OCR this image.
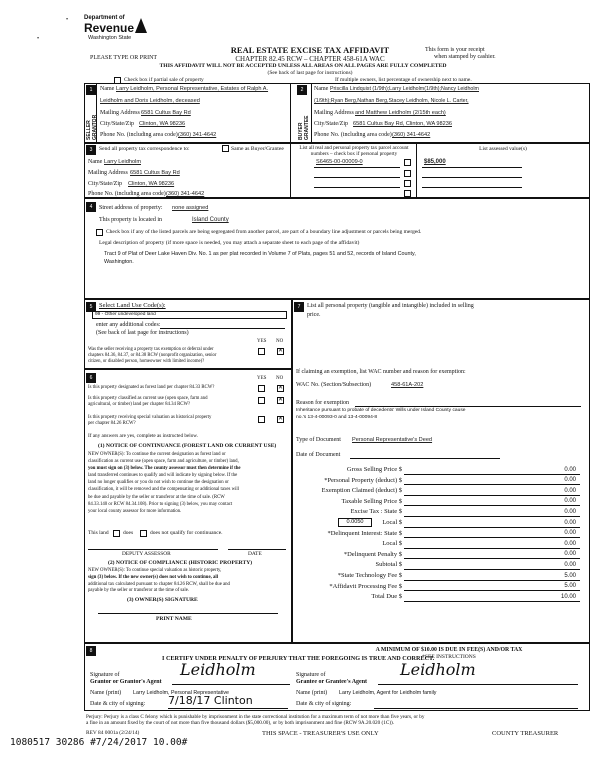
Department of
Revenue
Washington State
REAL ESTATE EXCISE TAX AFFIDAVIT
CHAPTER 82.45 RCW – CHAPTER 458-61A WAC
THIS AFFIDAVIT WILL NOT BE ACCEPTED UNLESS ALL AREAS ON ALL PAGES ARE FULLY COMPLETED
(See back of last page for instructions)
PLEASE TYPE OR PRINT
This form is your receipt
when stamped by cashier.
Check box if partial sale of property	If multiple owners, list percentage of ownership next to name.
1
SELLER GRANTOR
2
BUYER GRANTEE
Name Larry Leidholm, Personal Representative, Estates of Ralph A.
Leidholm and Doris Leidholm, deceased
Mailing Address 6581 Cultus Bay Rd
City/State/Zip Clinton, WA 98236
Phone No. (including area code) (360) 341-4642
Name Priscilla Lindquist (1/9th);Larry Leidholm(1/9th);Nancy Leidholm
(1/9th);Ryan Berg,Nathan Berg,Stacey Leidholm, Nicole L. Carter,
Mailing Address and Matthew Leidholm (2/15th each)
City/State/Zip 6581 Cultus Bay Rd, Clinton, WA 98236
Phone No. (including area code) (360) 341-4642
3	Send all property tax correspondence to:	Same as Buyer/Grantee
Name Larry Leidholm
Mailing Address 6581 Cultus Bay Rd
City/State/Zip Clinton, WA 98236
Phone No. (including area code) (360) 341-4642
List all real and personal property tax parcel account
numbers – check box if personal property
List assessed value(s)
S6465-00-00009-0	$85,000
4	Street address of property: none assigned
This property is located in	Island County
Check box if any of the listed parcels are being segregated from another parcel, are part of a boundary line adjustment or parcels being merged.
Legal description of property (if more space is needed, you may attach a separate sheet to each page of the affidavit)
Tract 9 of Plat of Deer Lake Haven Div. No. 1 as per plat recorded in Volume 7 of Plats, pages 51 and 52, records of Island County,
Washington.
5	Select Land Use Code(s):
99 - Other undeveloped land
enter any additional codes:
(See back of last page for instructions)
YES NO
Was the seller receiving a property tax exemption or deferral under
chapters 84.36, 84.37, or 84.38 RCW (nonprofit organization, senior
citizen, or disabled person, homeowner with limited income)?
✕
6	YES NO
Is this property designated as forest land per chapter 84.33 RCW?
✕
Is this property classified as current use (open space, farm and
agricultural, or timber) land per chapter 84.34 RCW?
✕
Is this property receiving special valuation as historical property
per chapter 84.26 RCW?
✕
If any answers are yes, complete as instructed below.
(1) NOTICE OF CONTINUANCE (FOREST LAND OR CURRENT USE)
NEW OWNER(S): To continue the current designation as forest land or
classification as current use (open space, farm and agriculture, or timber) land,
you must sign on (3) below. The county assessor must then determine if the
land transferred continues to qualify and will indicate by signing below. If the
land no longer qualifies or you do not wish to continue the designation or
classification, it will be removed and the compensating or additional taxes will
be due and payable by the seller or transferor at the time of sale. (RCW
84.33.140 or RCW 84.34.108). Prior to signing (3) below, you may contact
your local county assessor for more information.
This land	does	does not qualify for continuance.
DEPUTY ASSESSOR	DATE
(2) NOTICE OF COMPLIANCE (HISTORIC PROPERTY)
NEW OWNER(S): To continue special valuation as historic property,
sign (3) below. If the new owner(s) does not wish to continue, all
additional tax calculated pursuant to chapter 84.26 RCW, shall be due and
payable by the seller or transferor at the time of sale.
(3) OWNER(S) SIGNATURE
PRINT NAME
7	List all personal property (tangible and intangible) included in selling
price.
If claiming an exemption, list WAC number and reason for exemption:
WAC No. (Section/Subsection)	458-61A-202
Reason for exemption
Inheritance pursuant to probate of decedents' Wills under Island County cause
no.'s 13-4-00093-0 and 13-4-00094-8
Type of Document Personal Representative's Deed
Date of Document
Gross Selling Price $	0.00
*Personal Property (deduct) $	0.00
Exemption Claimed (deduct) $	0.00
Taxable Selling Price $	0.00
Excise Tax : State $	0.00
Local $	0.00
*Delinquent Interest: State $	0.00
Local $	0.00
*Delinquent Penalty $	0.00
Subtotal $	0.00
*State Technology Fee $	5.00
*Affidavit Processing Fee $	5.00
Total Due $	10.00
0.0050
A MINIMUM OF $10.00 IS DUE IN FEE(S) AND/OR TAX
*SEE INSTRUCTIONS
8
I CERTIFY UNDER PENALTY OF PERJURY THAT THE FOREGOING IS TRUE AND CORRECT.
Signature of
Grantor or Grantor's Agent
Leidholm
Name (print) Larry Leidholm, Personal Representative
Date & city of signing: 7/18/17 Clinton
Signature of
Grantee or Grantee's Agent
Leidholm
Name (print) Larry Leidholm, Agent for Leidholm family
Date & city of signing:
Perjury: Perjury is a class C felony which is punishable by imprisonment in the state correctional institution for a maximum term of not more than five years, or by
a fine in an amount fixed by the court of not more than five thousand dollars ($5,000.00), or by both imprisonment and fine (RCW 9A.20.020 (1C)).
REV 84 0001a (2/24/14)	THIS SPACE - TREASURER'S USE ONLY	COUNTY TREASURER
1080517 30286 #7/24/2017 10.00#
•
•
